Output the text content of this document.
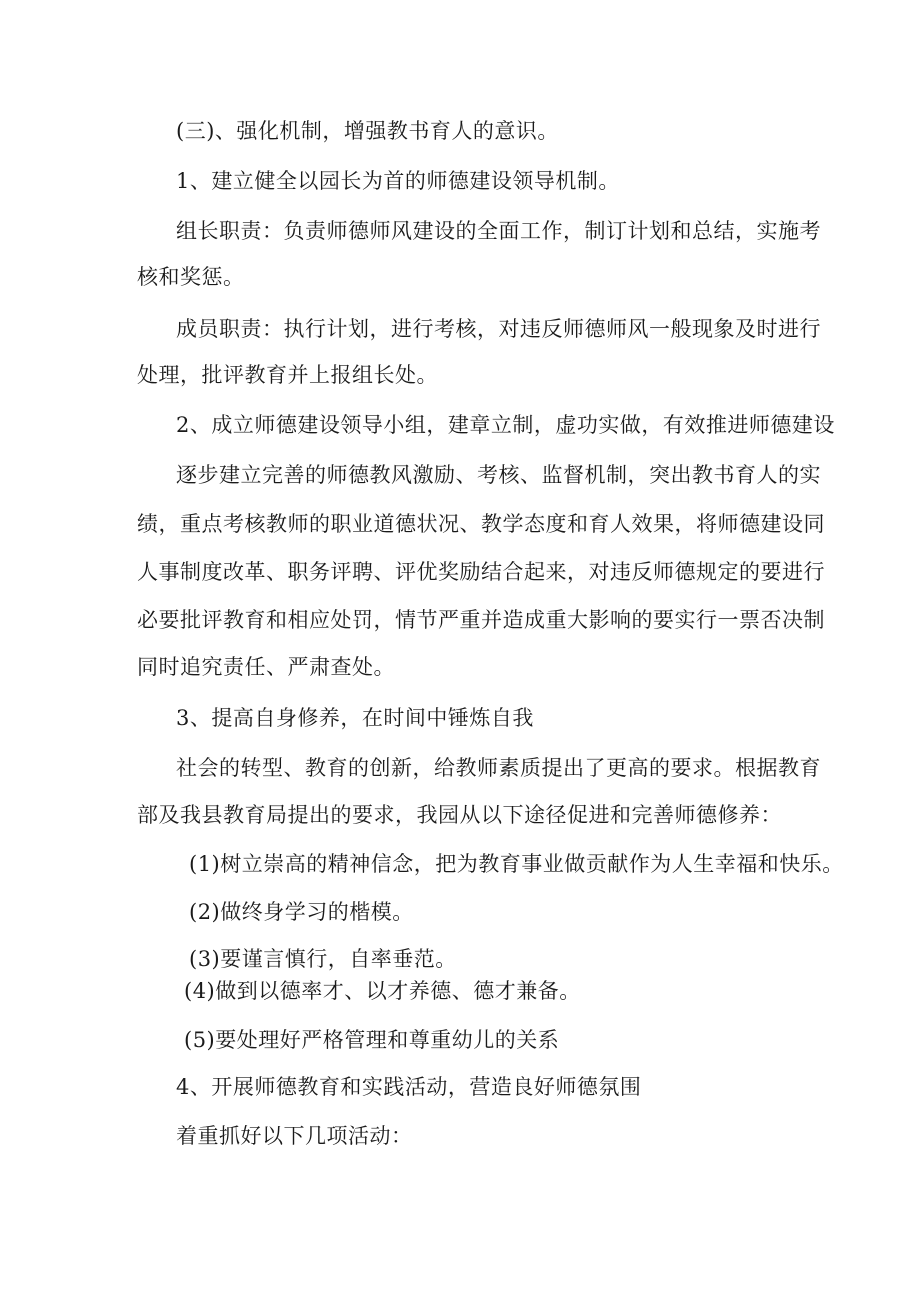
(三)、强化机制，增强教书育人的意识。

1、建立健全以园长为首的师德建设领导机制。

组长职责：负责师德师风建设的全面工作，制订计划和总结，实施考

核和奖惩。

成员职责：执行计划，进行考核，对违反师德师风一般现象及时进行

处理，批评教育并上报组长处。

2、成立师德建设领导小组，建章立制，虚功实做，有效推进师德建设

逐步建立完善的师德教风激励、考核、监督机制，突出教书育人的实

绩，重点考核教师的职业道德状况、教学态度和育人效果，将师德建设同

人事制度改革、职务评聘、评优奖励结合起来，对违反师德规定的要进行

必要批评教育和相应处罚，情节严重并造成重大影响的要实行一票否决制

同时追究责任、严肃查处。

3、提高自身修养，在时间中锤炼自我

社会的转型、教育的创新，给教师素质提出了更高的要求。根据教育

部及我县教育局提出的要求，我园从以下途径促进和完善师德修养：

(1)树立崇高的精神信念，把为教育事业做贡献作为人生幸福和快乐。

(2)做终身学习的楷模。

(3)要谨言慎行，自率垂范。

(4)做到以德率才、以才养德、德才兼备。

(5)要处理好严格管理和尊重幼儿的关系

4、开展师德教育和实践活动，营造良好师德氛围

着重抓好以下几项活动：
